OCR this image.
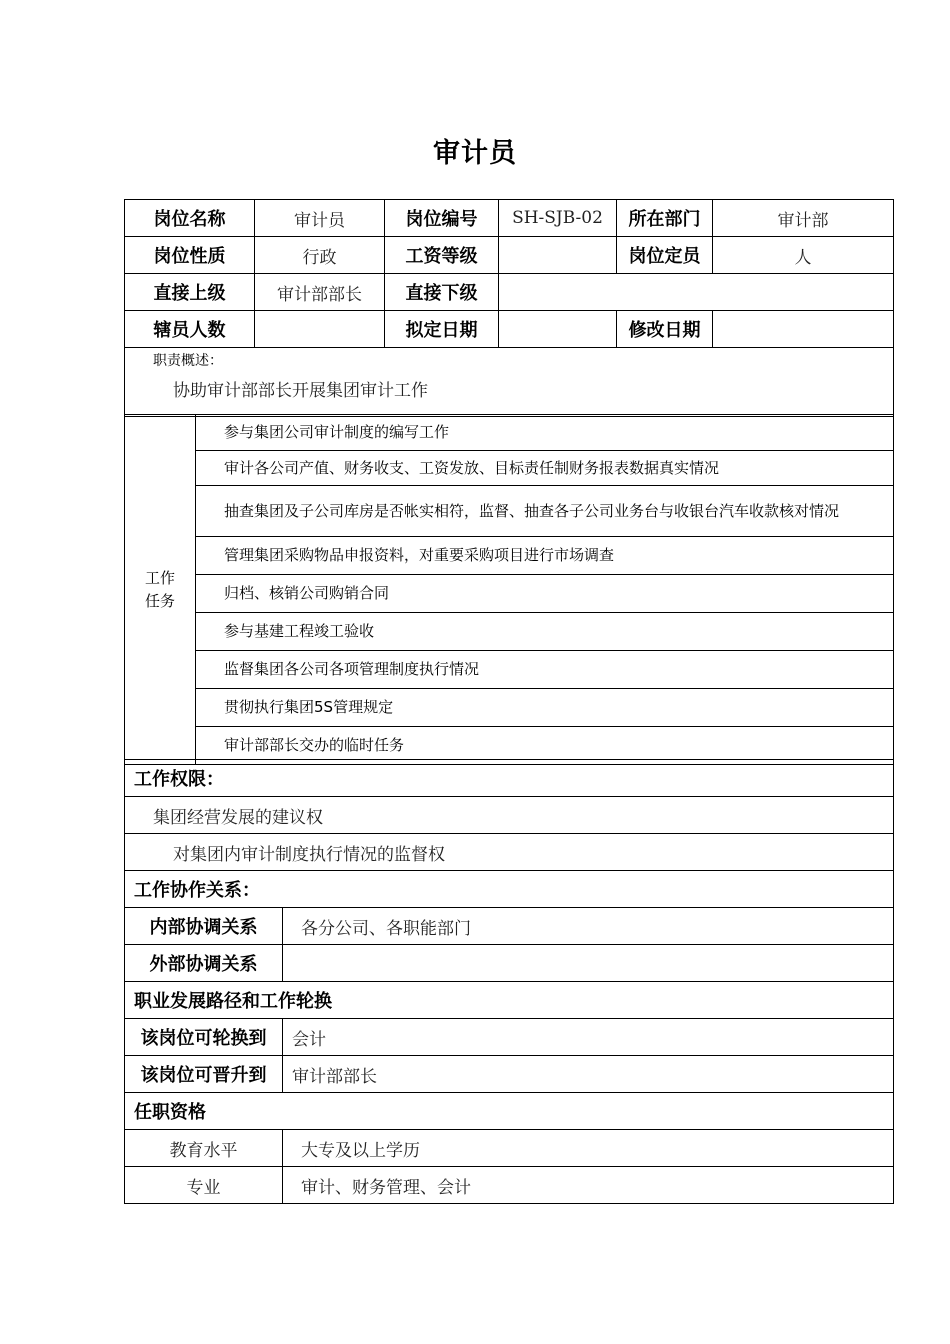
审计员
岗位名称	审计员	岗位编号	SH-SJB-02	所在部门	审计部
岗位性质	行政	工资等级		岗位定员	人
直接上级	审计部部长	直接下级			
辖员人数		拟定日期		修改日期	

职责概述：
协助审计部部长开展集团审计工作					
工作
任务
	参与集团公司审计制度的编写工作
审计各公司产值、财务收支、工资发放、目标责任制财务报表数据真实情况
抽查集团及子公司库房是否帐实相符，监督、抽查各子公司业务台与收银台汽车收款核对情况
管理集团采购物品申报资料，对重要采购项目进行市场调查
归档、核销公司购销合同
参与基建工程竣工验收
监督集团各公司各项管理制度执行情况
贯彻执行集团5S管理规定
审计部部长交办的临时任务
工作权限：	
集团经营发展的建议权	
对集团内审计制度执行情况的监督权	
工作协作关系：	
内部协调关系	各分公司、各职能部门
外部协调关系	
职业发展路径和工作轮换	
该岗位可轮换到	会计
该岗位可晋升到	审计部部长
任职资格	
教育水平	大专及以上学历
专业	审计、财务管理、会计
